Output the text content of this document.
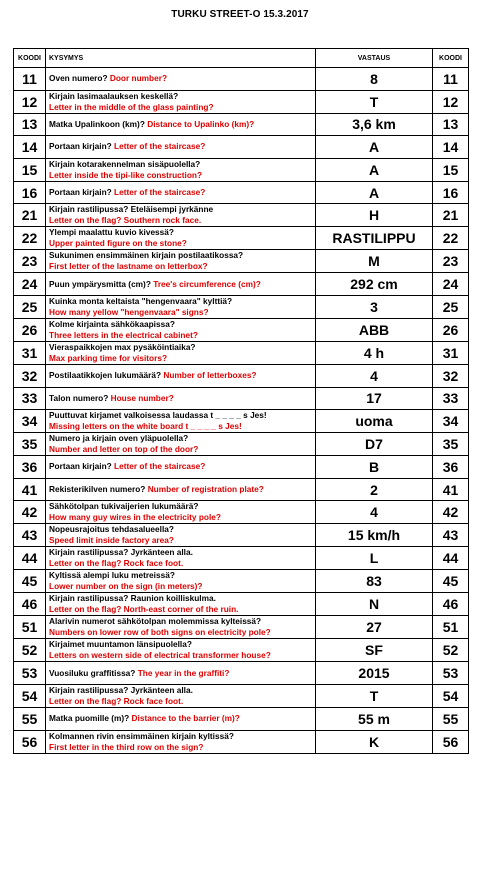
TURKU STREET-O 15.3.2017
KOODI	KYSYMYS	VASTAUS	KOODI
11	Oven numero? Door number?	8	11
12	Kirjain lasimaalauksen keskellä?
Letter in the middle of the glass painting?	T	12
13	Matka Upalinkoon (km)? Distance to Upalinko (km)?	3,6 km	13
14	Portaan kirjain? Letter of the staircase?	A	14
15	Kirjain kotarakennelman sisäpuolella?
Letter inside the tipi-like construction?	A	15
16	Portaan kirjain? Letter of the staircase?	A	16
21	Kirjain rastilipussa? Eteläisempi jyrkänne
Letter on the flag? Southern rock face.	H	21
22	Ylempi maalattu kuvio kivessä?
Upper painted figure on the stone?	RASTILIPPU	22
23	Sukunimen ensimmäinen kirjain postilaatikossa?
First letter of the lastname on letterbox?	M	23
24	Puun ympärysmitta (cm)? Tree's circumference (cm)?	292 cm	24
25	Kuinka monta keltaista "hengenvaara" kylttiä?
How many yellow "hengenvaara" signs?	3	25
26	Kolme kirjainta sähkökaapissa?
Three letters in the electrical cabinet?	ABB	26
31	Vieraspaikkojen max pysäköintiaika?
Max parking time for visitors?	4 h	31
32	Postilaatikkojen lukumäärä? Number of letterboxes?	4	32
33	Talon numero? House number?	17	33
34	Puuttuvat kirjamet valkoisessa laudassa t _ _ _ _ s Jes!
Missing letters on the white board t _ _ _ _ s Jes!	uoma	34
35	Numero ja kirjain oven yläpuolella?
Number and letter on top of the door?	D7	35
36	Portaan kirjain? Letter of the staircase?	B	36
41	Rekisterikilven numero? Number of registration plate?	2	41
42	Sähkötolpan tukivaijerien lukumäärä?
How many guy wires in the electricity pole?	4	42
43	Nopeusrajoitus tehdasalueella?
Speed limit inside factory area?	15 km/h	43
44	Kirjain rastilipussa? Jyrkänteen alla.
Letter on the flag? Rock face foot.	L	44
45	Kyltissä alempi luku metreissä?
Lower number on the sign (in meters)?	83	45
46	Kirjain rastilipussa? Raunion koilliskulma.
Letter on the flag? North-east corner of the ruin.	N	46
51	Alarivin numerot sähkötolpan molemmissa kylteissä?
Numbers on lower row of both signs on electricity pole?	27	51
52	Kirjaimet muuntamon länsipuolella?
Letters on western side of electrical transformer house?	SF	52
53	Vuosiluku graffitissa? The year in the graffiti?	2015	53
54	Kirjain rastilipussa? Jyrkänteen alla.
Letter on the flag? Rock face foot.	T	54
55	Matka puomille (m)? Distance to the barrier (m)?	55 m	55
56	Kolmannen rivin ensimmäinen kirjain kyltissä?
First letter in the third row on the sign?	K	56
